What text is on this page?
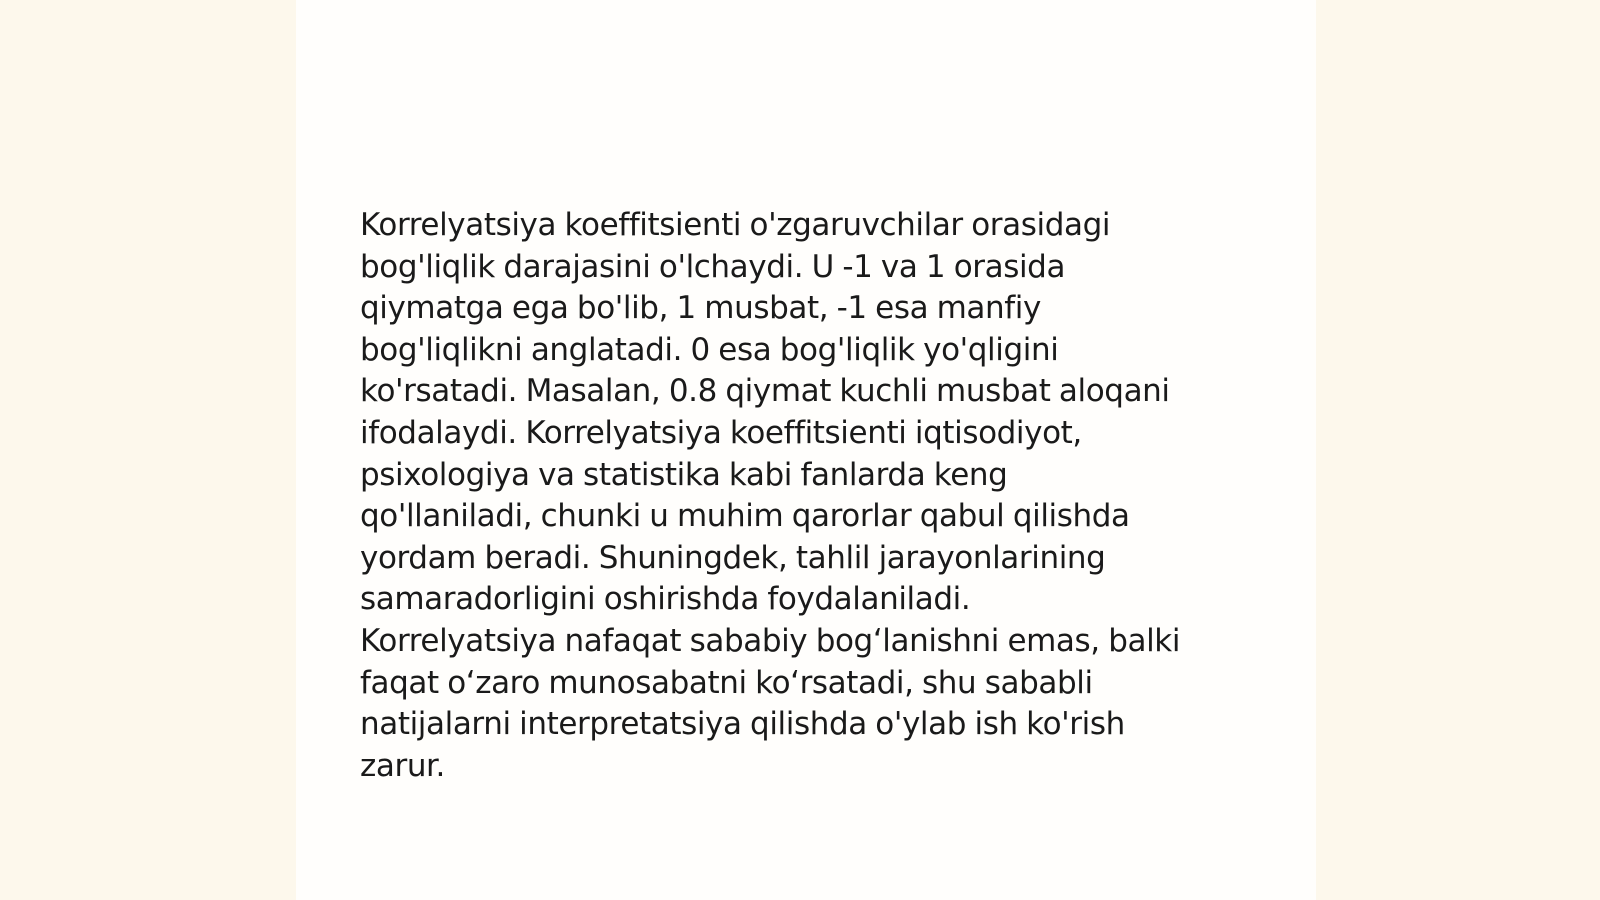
Korrelyatsiya koeffitsienti o'zgaruvchilar orasidagi
bog'liqlik darajasini o'lchaydi. U -1 va 1 orasida
qiymatga ega bo'lib, 1 musbat, -1 esa manfiy
bog'liqlikni anglatadi. 0 esa bog'liqlik yo'qligini
ko'rsatadi. Masalan, 0.8 qiymat kuchli musbat aloqani
ifodalaydi. Korrelyatsiya koeffitsienti iqtisodiyot,
psixologiya va statistika kabi fanlarda keng
qo'llaniladi, chunki u muhim qarorlar qabul qilishda
yordam beradi. Shuningdek, tahlil jarayonlarining
samaradorligini oshirishda foydalaniladi.
Korrelyatsiya nafaqat sababiy bog‘lanishni emas, balki
faqat o‘zaro munosabatni ko‘rsatadi, shu sababli
natijalarni interpretatsiya qilishda o'ylab ish ko'rish
zarur.
